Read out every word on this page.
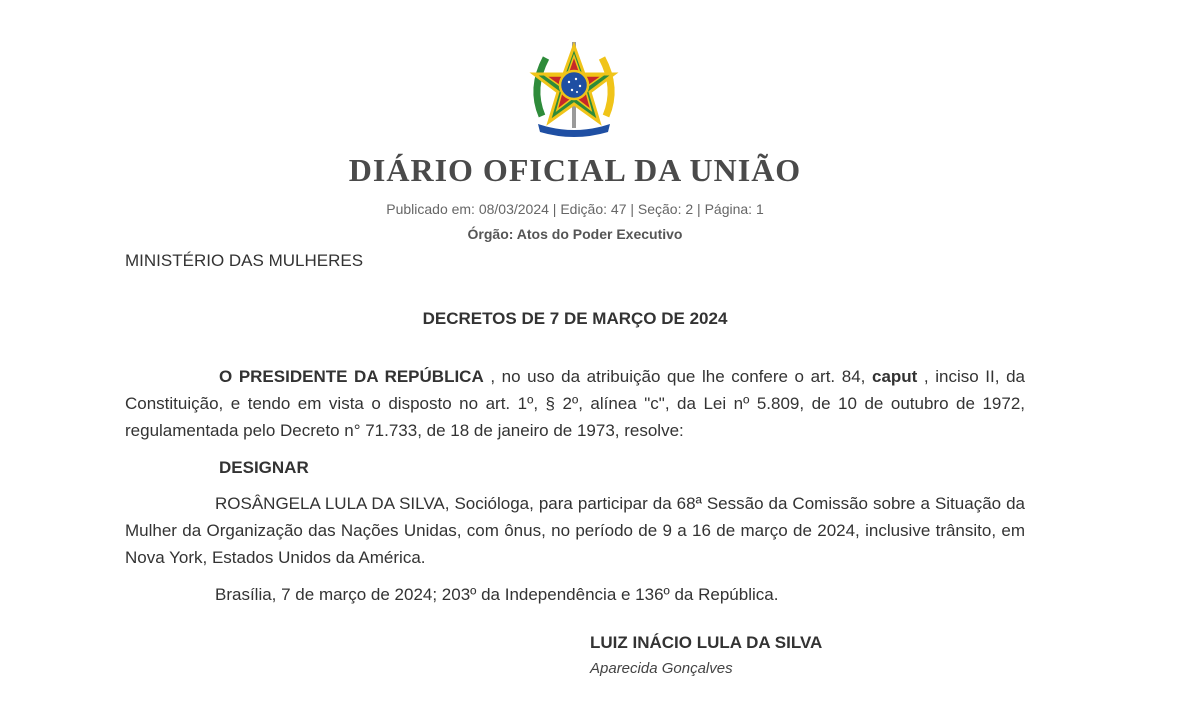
DIÁRIO OFICIAL DA UNIÃO
Publicado em: 08/03/2024 | Edição: 47 | Seção: 2 | Página: 1
Órgão: Atos do Poder Executivo
MINISTÉRIO DAS MULHERES
DECRETOS DE 7 DE MARÇO DE 2024
O PRESIDENTE DA REPÚBLICA , no uso da atribuição que lhe confere o art. 84, caput , inciso II, da Constituição, e tendo em vista o disposto no art. 1º, § 2º, alínea "c", da Lei nº 5.809, de 10 de outubro de 1972, regulamentada pelo Decreto n° 71.733, de 18 de janeiro de 1973, resolve:
DESIGNAR
ROSÂNGELA LULA DA SILVA, Socióloga, para participar da 68ª Sessão da Comissão sobre a Situação da Mulher da Organização das Nações Unidas, com ônus, no período de 9 a 16 de março de 2024, inclusive trânsito, em Nova York, Estados Unidos da América.
Brasília, 7 de março de 2024; 203º da Independência e 136º da República.
LUIZ INÁCIO LULA DA SILVA
Aparecida Gonçalves
